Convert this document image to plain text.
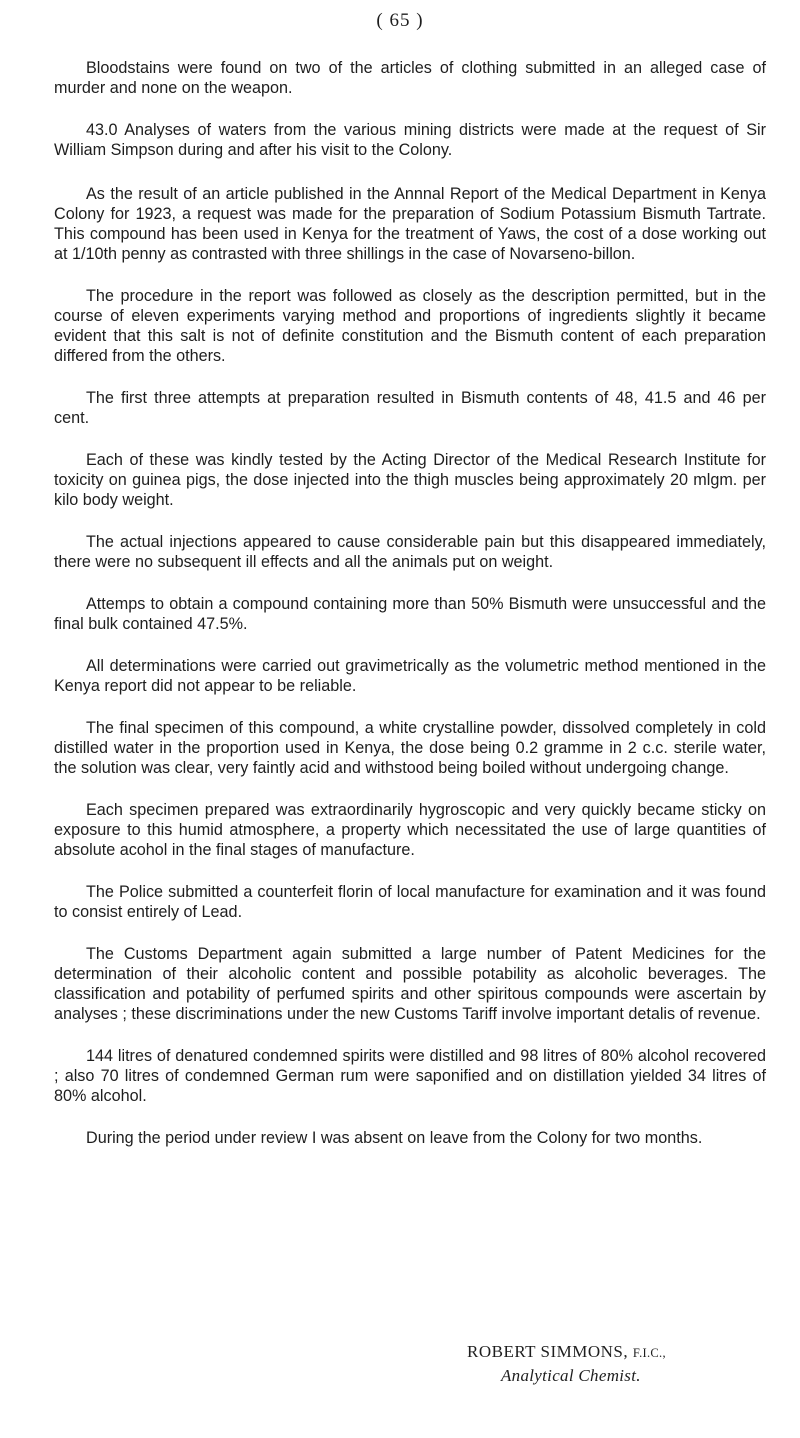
( 65 )

Bloodstains were found on two of the articles of clothing submitted in an alleged case of murder and none on the weapon.

43.0 Analyses of waters from the various mining districts were made at the request of Sir William Simpson during and after his visit to the Colony.

As the result of an article published in the Annnal Report of the Medical Department in Kenya Colony for 1923, a request was made for the preparation of Sodium Potassium Bismuth Tartrate. This compound has been used in Kenya for the treatment of Yaws, the cost of a dose working out at 1/10th penny as contrasted with three shillings in the case of Novarseno-billon.

The procedure in the report was followed as closely as the description permitted, but in the course of eleven experiments varying method and proportions of ingredients slightly it became evident that this salt is not of definite constitution and the Bismuth content of each preparation differed from the others.

The first three attempts at preparation resulted in Bismuth contents of 48, 41.5 and 46 per cent.

Each of these was kindly tested by the Acting Director of the Medical Research Institute for toxicity on guinea pigs, the dose injected into the thigh muscles being approximately 20 mlgm. per kilo body weight.

The actual injections appeared to cause considerable pain but this disappeared immediately, there were no subsequent ill effects and all the animals put on weight.

Attemps to obtain a compound containing more than 50% Bismuth were unsuccessful and the final bulk contained 47.5%.

All determinations were carried out gravimetrically as the volumetric method mentioned in the Kenya report did not appear to be reliable.

The final specimen of this compound, a white crystalline powder, dissolved completely in cold distilled water in the proportion used in Kenya, the dose being 0.2 gramme in 2 c.c. sterile water, the solution was clear, very faintly acid and withstood being boiled without undergoing change.

Each specimen prepared was extraordinarily hygroscopic and very quickly became sticky on exposure to this humid atmosphere, a property which necessitated the use of large quantities of absolute acohol in the final stages of manufacture.

The Police submitted a counterfeit florin of local manufacture for examination and it was found to consist entirely of Lead.

The Customs Department again submitted a large number of Patent Medicines for the determination of their alcoholic content and possible potability as alcoholic beverages. The classification and potability of perfumed spirits and other spiritous compounds were ascertain by analyses ; these discriminations under the new Customs Tariff involve important detalis of revenue.

144 litres of denatured condemned spirits were distilled and 98 litres of 80% alcohol recovered ; also 70 litres of condemned German rum were saponified and on distillation yielded 34 litres of 80% alcohol.

During the period under review I was absent on leave from the Colony for two months.

ROBERT SIMMONS, F.I.C.,
Analytical Chemist.
